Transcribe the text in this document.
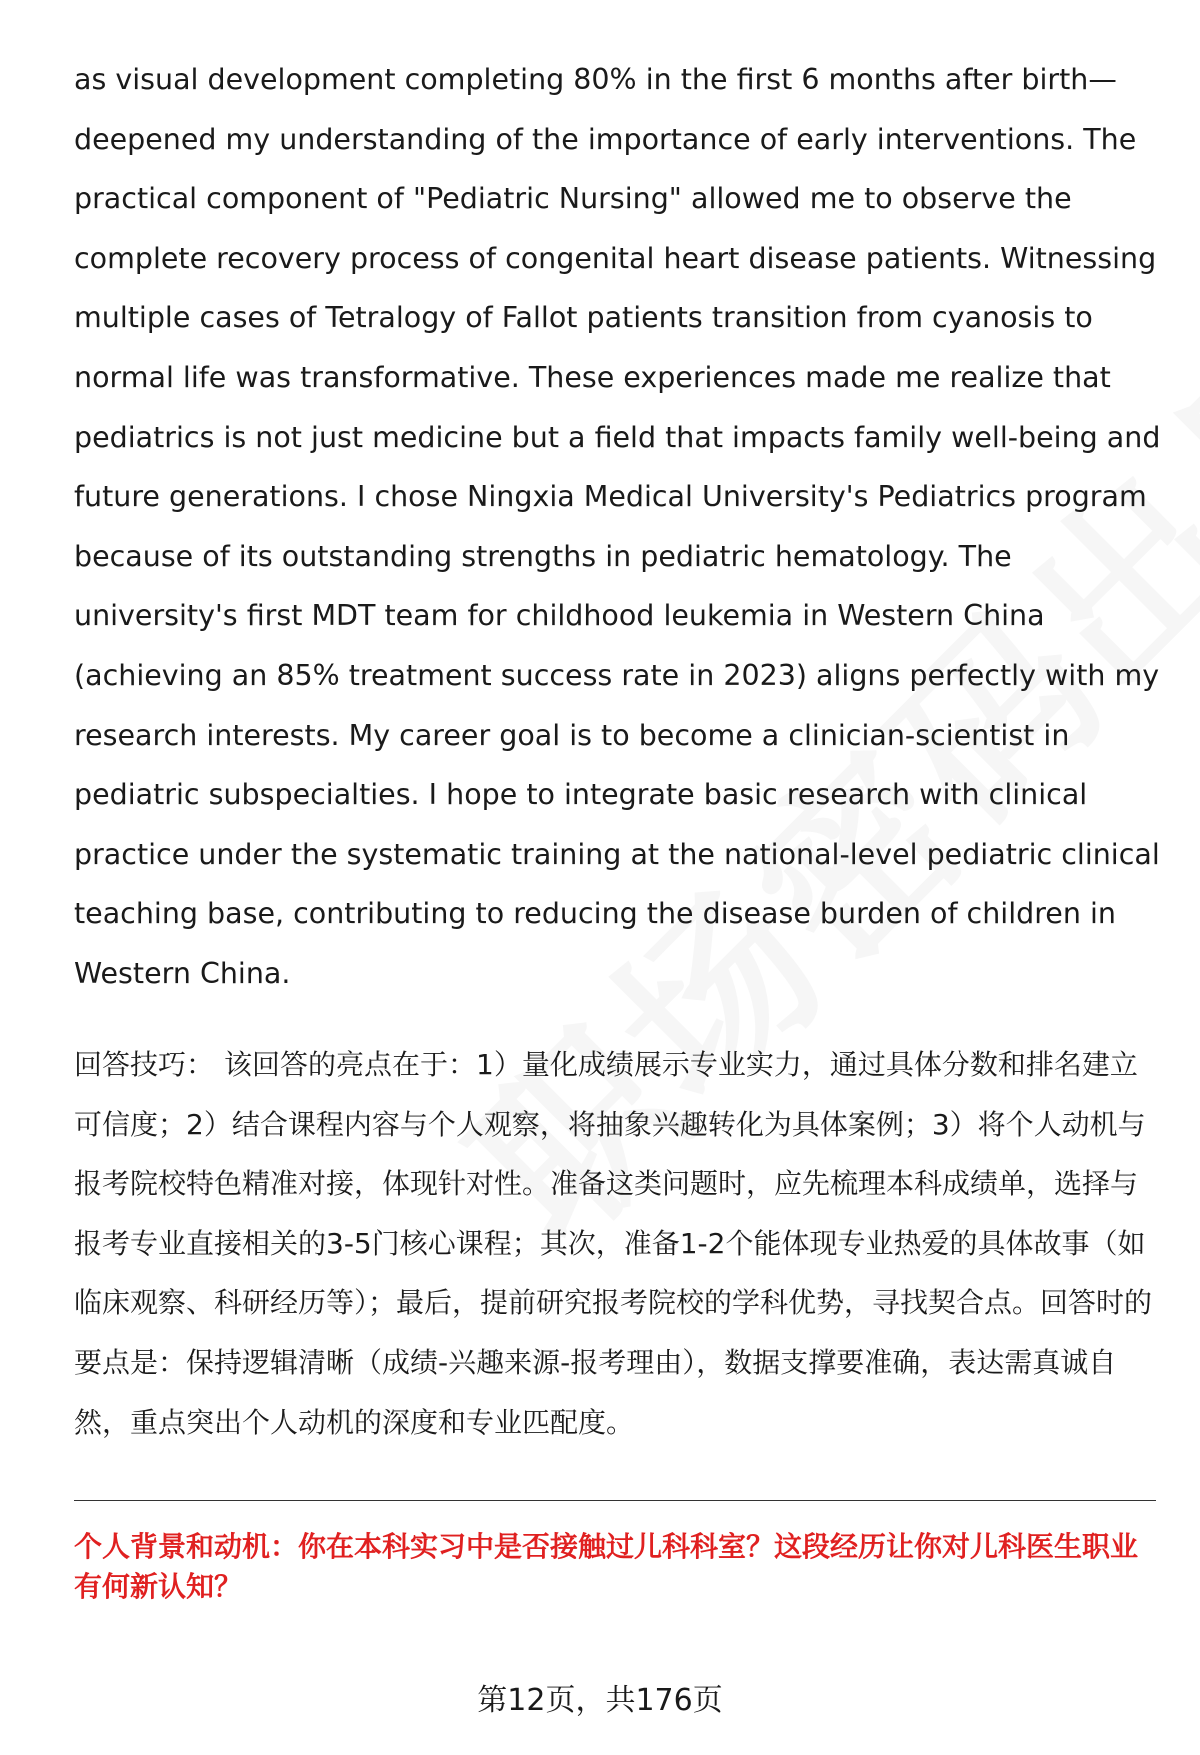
as visual development completing 80% in the first 6 months after birth—deepened my understanding of the importance of early interventions. The practical component of "Pediatric Nursing" allowed me to observe the complete recovery process of congenital heart disease patients. Witnessing multiple cases of Tetralogy of Fallot patients transition from cyanosis to normal life was transformative. These experiences made me realize that pediatrics is not just medicine but a field that impacts family well-being and future generations. I chose Ningxia Medical University's Pediatrics program because of its outstanding strengths in pediatric hematology. The university's first MDT team for childhood leukemia in Western China (achieving an 85% treatment success rate in 2023) aligns perfectly with my research interests. My career goal is to become a clinician-scientist in pediatric subspecialties. I hope to integrate basic research with clinical practice under the systematic training at the national-level pediatric clinical teaching base, contributing to reducing the disease burden of children in Western China.

回答技巧： 该回答的亮点在于：1）量化成绩展示专业实力，通过具体分数和排名建立可信度；2）结合课程内容与个人观察，将抽象兴趣转化为具体案例；3）将个人动机与报考院校特色精准对接，体现针对性。准备这类问题时，应先梳理本科成绩单，选择与报考专业直接相关的3-5门核心课程；其次，准备1-2个能体现专业热爱的具体故事（如临床观察、科研经历等）；最后，提前研究报考院校的学科优势，寻找契合点。回答时的要点是：保持逻辑清晰（成绩-兴趣来源-报考理由），数据支撑要准确，表达需真诚自然，重点突出个人动机的深度和专业匹配度。

个人背景和动机：你在本科实习中是否接触过儿科科室？这段经历让你对儿科医生职业有何新认知？

第12页，共176页
